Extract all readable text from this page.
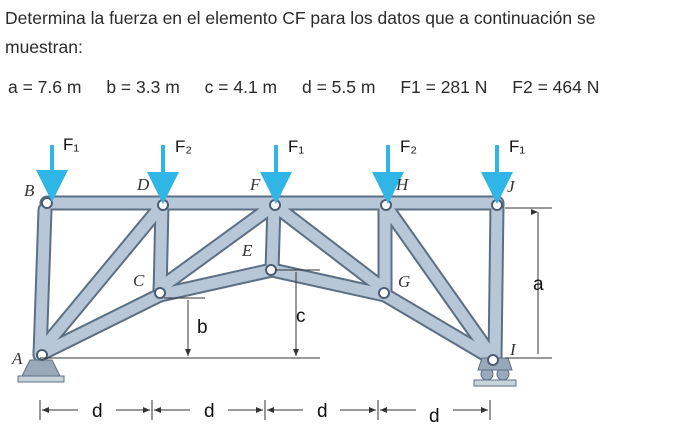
Determina la fuerza en el elemento CF para los datos que a continuación se muestran:

a = 7.6 m b = 3.3 m c = 4.1 m d = 5.5 m F1 = 281 N F2 = 464 N
F₁	F₂	F₁	F₂	F₁
B	D	F	H	J
C
E
G
A	I
a
b
c
d	d	d	d
